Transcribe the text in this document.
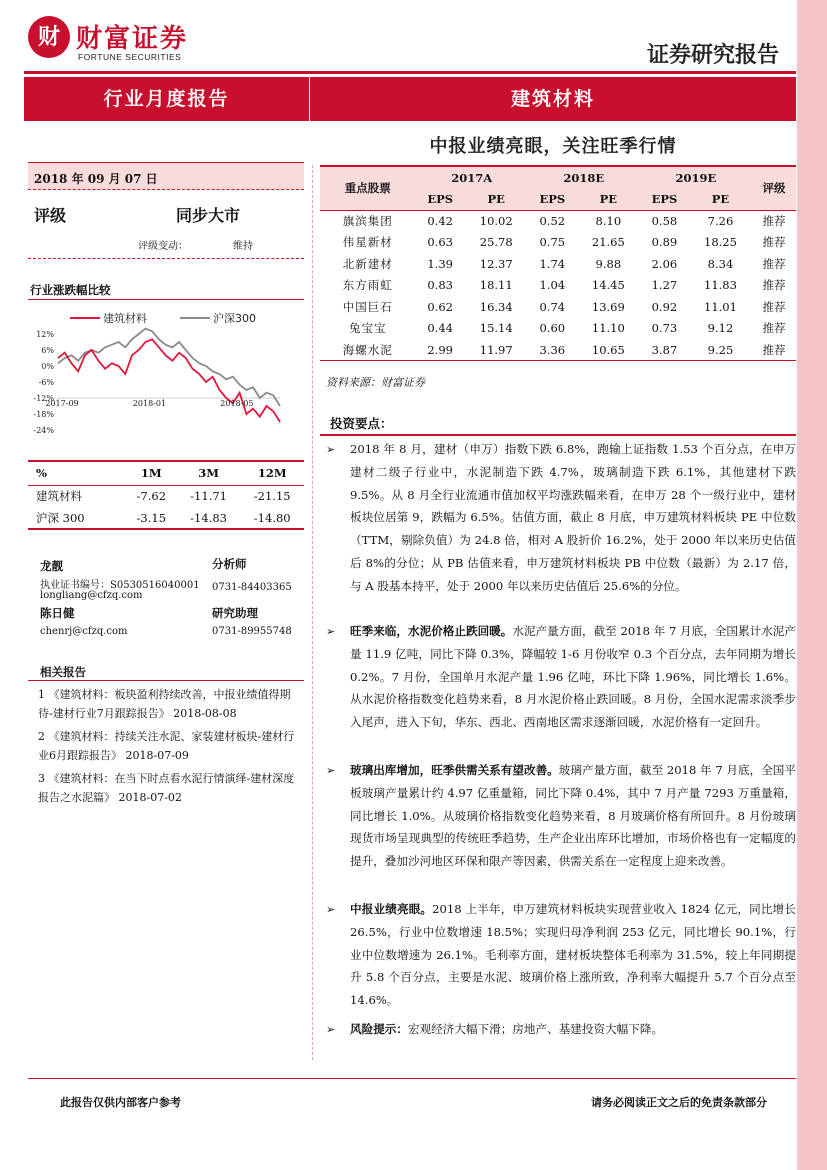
财 财富证券
FORTUNE SECURITIES	证券研究报告
行业月度报告	建筑材料
中报业绩亮眼，关注旺季行情
2018 年 09 月 07 日
评级	同步大市
评级变动：	维持
行业涨跌幅比较
建筑材料	沪深300
12%
6%
0%
-6%
-12%
-18%
-24%
2017-09	2018-01	2018-05
%	1M	3M	12M
建筑材料	-7.62	-11.71	-21.15
沪深 300	-3.15	-14.83	-14.80
龙靓	分析师
执业证书编号：S0530516040001 0731-84403365
longliang@cfzq.com
陈日健	研究助理
chenrj@cfzq.com	0731-89955748
相关报告
1 《建筑材料：板块盈利持续改善，中报业绩值得期待-建材行业7月跟踪报告》 2018-08-08
2 《建筑材料：持续关注水泥、家装建材板块-建材行业6月跟踪报告》 2018-07-09
3 《建筑材料：在当下时点看水泥行情演绎-建材深度报告之水泥篇》 2018-07-02
重点股票	2017A		2018E		2019E		评级
	EPS	PE	EPS	PE	EPS	PE	
旗滨集团	0.42	10.02	0.52	8.10	0.58	7.26	推荐
伟星新材	0.63	25.78	0.75	21.65	0.89	18.25	推荐
北新建材	1.39	12.37	1.74	9.88	2.06	8.34	推荐
东方雨虹	0.83	18.11	1.04	14.45	1.27	11.83	推荐
中国巨石	0.62	16.34	0.74	13.69	0.92	11.01	推荐
兔宝宝	0.44	15.14	0.60	11.10	0.73	9.12	推荐
海螺水泥	2.99	11.97	3.36	10.65	3.87	9.25	推荐
资料来源：财富证券
投资要点：
➢ 2018 年 8 月，建材（申万）指数下跌 6.8%，跑输上证指数 1.53 个百分点，在申万建材二级子行业中，水泥制造下跌 4.7%，玻璃制造下跌 6.1%，其他建材下跌 9.5%。从 8 月全行业流通市值加权平均涨跌幅来看，在申万 28 个一级行业中，建材板块位居第 9，跌幅为 6.5%。估值方面，截止 8 月底，申万建筑材料板块 PE 中位数（TTM，剔除负值）为 24.8 倍，相对 A 股折价 16.2%，处于 2000 年以来历史估值后 8%的分位；从 PB 估值来看，申万建筑材料板块 PB 中位数（最新）为 2.17 倍，与 A 股基本持平，处于 2000 年以来历史估值后 25.6%的分位。

➢ 旺季来临，水泥价格止跌回暖。水泥产量方面，截至 2018 年 7 月底，全国累计水泥产量 11.9 亿吨，同比下降 0.3%，降幅较 1-6 月份收窄 0.3 个百分点，去年同期为增长 0.2%。7 月份，全国单月水泥产量 1.96 亿吨，环比下降 1.96%，同比增长 1.6%。从水泥价格指数变化趋势来看，8 月水泥价格止跌回暖。8 月份，全国水泥需求淡季步入尾声，进入下旬，华东、西北、西南地区需求逐渐回暖，水泥价格有一定回升。

➢ 玻璃出库增加，旺季供需关系有望改善。玻璃产量方面，截至 2018 年 7 月底，全国平板玻璃产量累计约 4.97 亿重量箱，同比下降 0.4%，其中 7 月产量 7293 万重量箱，同比增长 1.0%。从玻璃价格指数变化趋势来看，8 月玻璃价格有所回升。8 月份玻璃现货市场呈现典型的传统旺季趋势，生产企业出库环比增加，市场价格也有一定幅度的提升，叠加沙河地区环保和限产等因素，供需关系在一定程度上迎来改善。

➢ 中报业绩亮眼。2018 上半年，申万建筑材料板块实现营业收入 1824 亿元，同比增长 26.5%，行业中位数增速 18.5%；实现归母净利润 253 亿元，同比增长 90.1%，行业中位数增速为 26.1%。毛利率方面，建材板块整体毛利率为 31.5%，较上年同期提升 5.8 个百分点，主要是水泥、玻璃价格上涨所致，净利率大幅提升 5.7 个百分点至 14.6%。

➢ 风险提示：宏观经济大幅下滑；房地产、基建投资大幅下降。

此报告仅供内部客户参考	请务必阅读正文之后的免责条款部分
